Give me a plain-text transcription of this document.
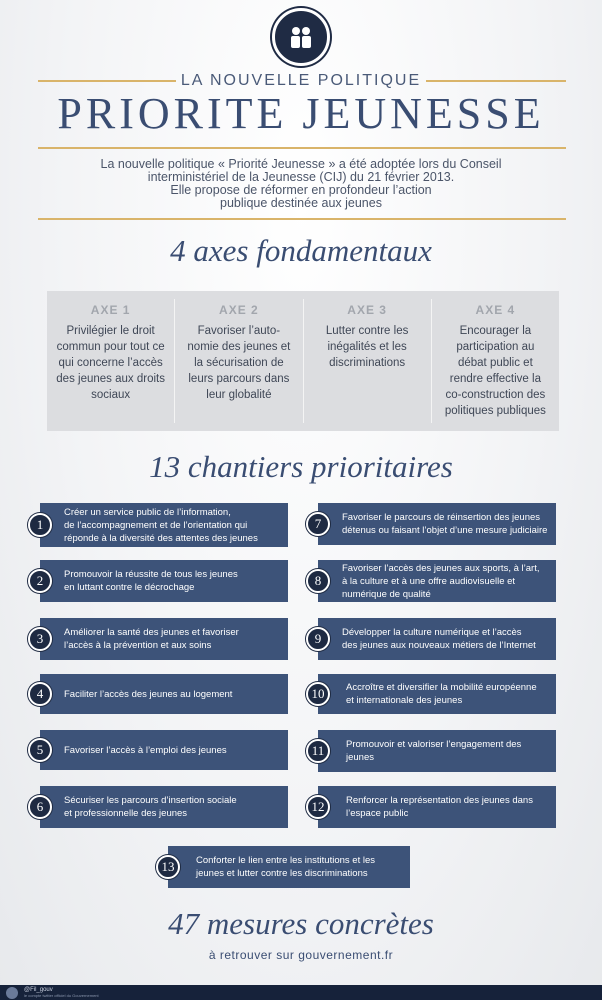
LA NOUVELLE POLITIQUE
PRIORITE JEUNESSE
La nouvelle politique « Priorité Jeunesse » a été adoptée lors du Conseil
interministériel de la Jeunesse (CIJ) du 21 février 2013.
Elle propose de réformer en profondeur l’action
publique destinée aux jeunes
4 axes fondamentaux
AXE 1
Privilégier le droit
commun pour tout ce
qui concerne l’accès
des jeunes aux droits
sociaux
AXE 2
Favoriser l’auto-
nomie des jeunes et
la sécurisation de
leurs parcours dans
leur globalité
AXE 3
Lutter contre les
inégalités et les
discriminations
AXE 4
Encourager la
participation au
débat public et
rendre effective la
co-construction des
politiques publiques
13 chantiers prioritaires
Créer un service public de l’information,
de l’accompagnement et de l’orientation qui
réponde à la diversité des attentes des jeunes
1
Promouvoir la réussite de tous les jeunes
en luttant contre le décrochage
2
Améliorer la santé des jeunes et favoriser
l’accès à la prévention et aux soins
3
Faciliter l’accès des jeunes au logement
4
Favoriser l’accès à l’emploi des jeunes
5
Sécuriser les parcours d’insertion sociale
et professionnelle des jeunes
6
Favoriser le parcours de réinsertion des jeunes
détenus ou faisant l’objet d’une mesure judiciaire
7
Favoriser l’accès des jeunes aux sports, à l’art,
à la culture et à une offre audiovisuelle et
numérique de qualité
8
Développer la culture numérique et l’accès
des jeunes aux nouveaux métiers de l’Internet
9
Accroître et diversifier la mobilité européenne
et internationale des jeunes
10
Promouvoir et valoriser l’engagement des
jeunes
11
Renforcer la représentation des jeunes dans
l’espace public
12
Conforter le lien entre les institutions et les
jeunes et lutter contre les discriminations
13
47 mesures concrètes
à retrouver sur gouvernement.fr
@Fil_gouv
le compte twitter officiel du Gouvernement
